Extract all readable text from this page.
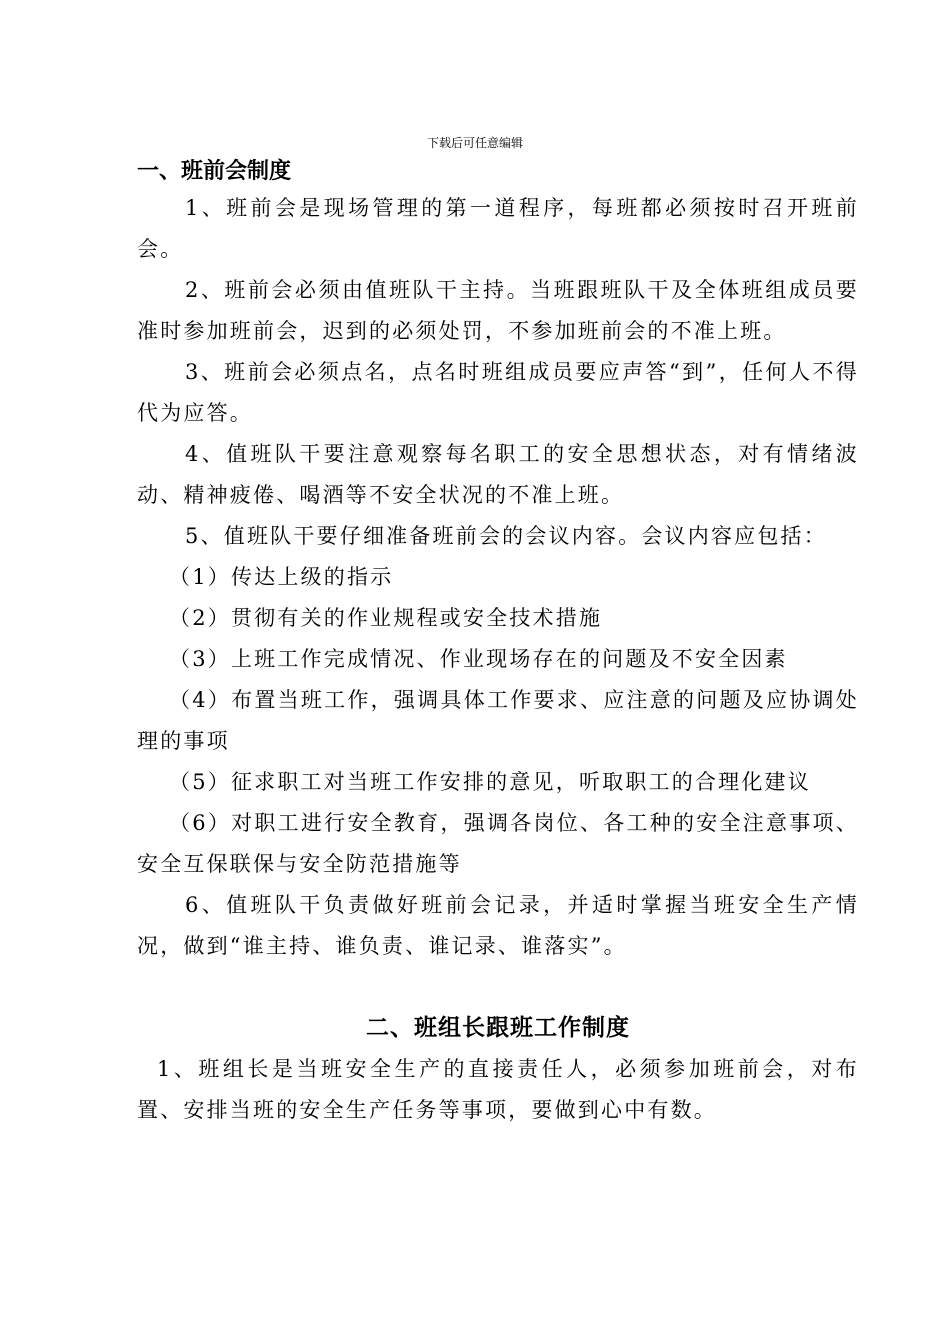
下载后可任意编辑
一、班前会制度

1、班前会是现场管理的第一道程序，每班都必须按时召开班前会。

2、班前会必须由值班队干主持。当班跟班队干及全体班组成员要准时参加班前会，迟到的必须处罚，不参加班前会的不准上班。

3、班前会必须点名，点名时班组成员要应声答“到”，任何人不得代为应答。

4、值班队干要注意观察每名职工的安全思想状态，对有情绪波动、精神疲倦、喝酒等不安全状况的不准上班。

5、值班队干要仔细准备班前会的会议内容。会议内容应包括：

（1）传达上级的指示

（2）贯彻有关的作业规程或安全技术措施

（3）上班工作完成情况、作业现场存在的问题及不安全因素

（4）布置当班工作，强调具体工作要求、应注意的问题及应协调处理的事项

（5）征求职工对当班工作安排的意见，听取职工的合理化建议

（6）对职工进行安全教育，强调各岗位、各工种的安全注意事项、安全互保联保与安全防范措施等

6、值班队干负责做好班前会记录，并适时掌握当班安全生产情况，做到“谁主持、谁负责、谁记录、谁落实”。

二、班组长跟班工作制度

1、班组长是当班安全生产的直接责任人，必须参加班前会，对布置、安排当班的安全生产任务等事项，要做到心中有数。
